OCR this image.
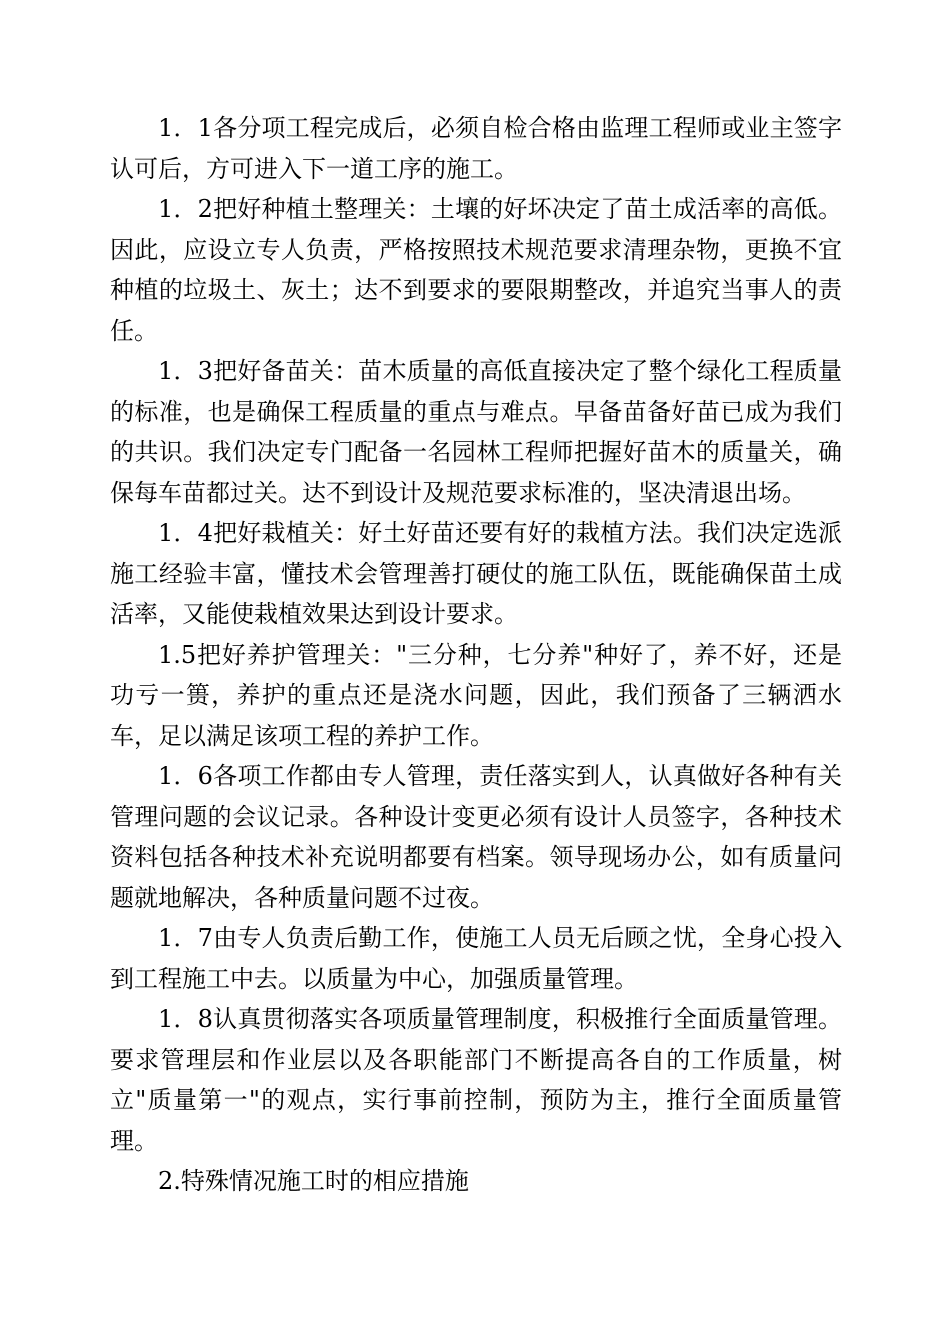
1．1各分项工程完成后，必须自检合格由监理工程师或业主签字认可后，方可进入下一道工序的施工。

1．2把好种植土整理关：土壤的好坏决定了苗土成活率的高低。因此，应设立专人负责，严格按照技术规范要求清理杂物，更换不宜种植的垃圾土、灰土；达不到要求的要限期整改，并追究当事人的责任。

1．3把好备苗关：苗木质量的高低直接决定了整个绿化工程质量的标准，也是确保工程质量的重点与难点。早备苗备好苗已成为我们的共识。我们决定专门配备一名园林工程师把握好苗木的质量关，确保每车苗都过关。达不到设计及规范要求标准的，坚决清退出场。

1．4把好栽植关：好土好苗还要有好的栽植方法。我们决定选派施工经验丰富，懂技术会管理善打硬仗的施工队伍，既能确保苗土成活率，又能使栽植效果达到设计要求。

1.5把好养护管理关："三分种，七分养"种好了，养不好，还是功亏一篑，养护的重点还是浇水问题，因此，我们预备了三辆洒水车，足以满足该项工程的养护工作。

1．6各项工作都由专人管理，责任落实到人，认真做好各种有关管理问题的会议记录。各种设计变更必须有设计人员签字，各种技术资料包括各种技术补充说明都要有档案。领导现场办公，如有质量问题就地解决，各种质量问题不过夜。

1．7由专人负责后勤工作，使施工人员无后顾之忧，全身心投入到工程施工中去。以质量为中心，加强质量管理。

1．8认真贯彻落实各项质量管理制度，积极推行全面质量管理。要求管理层和作业层以及各职能部门不断提高各自的工作质量，树立"质量第一"的观点，实行事前控制，预防为主，推行全面质量管理。

2.特殊情况施工时的相应措施
